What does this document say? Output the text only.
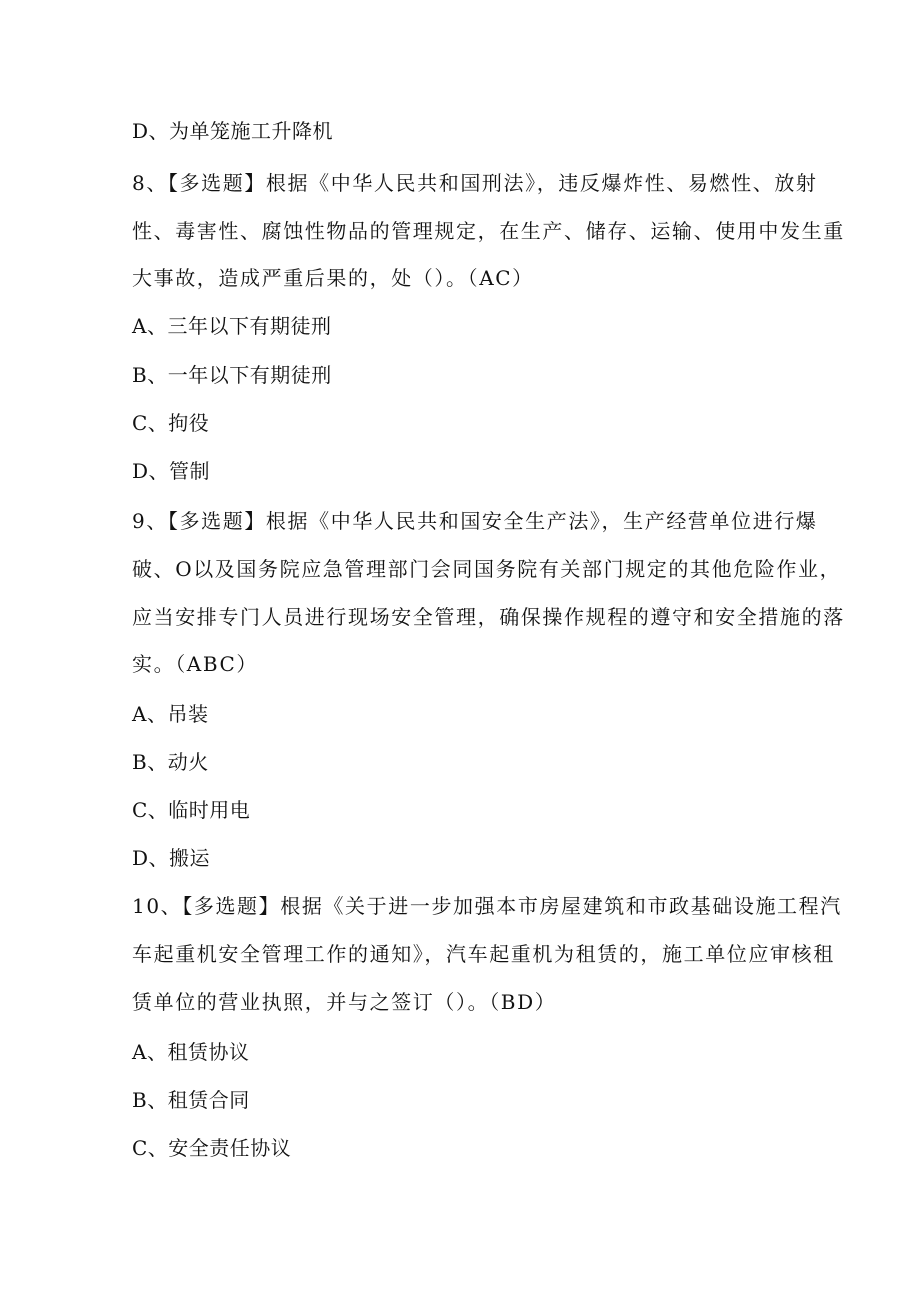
D、为单笼施工升降机
8、【多选题】根据《中华人民共和国刑法》，违反爆炸性、易燃性、放射
性、毒害性、腐蚀性物品的管理规定，在生产、储存、运输、使用中发生重
大事故，造成严重后果的，处（）。（AC）
A、三年以下有期徒刑
B、一年以下有期徒刑
C、拘役
D、管制
9、【多选题】根据《中华人民共和国安全生产法》，生产经营单位进行爆
破、O以及国务院应急管理部门会同国务院有关部门规定的其他危险作业，
应当安排专门人员进行现场安全管理，确保操作规程的遵守和安全措施的落
实。（ABC）
A、吊装
B、动火
C、临时用电
D、搬运
10、【多选题】根据《关于进一步加强本市房屋建筑和市政基础设施工程汽
车起重机安全管理工作的通知》，汽车起重机为租赁的，施工单位应审核租
赁单位的营业执照，并与之签订（）。（BD）
A、租赁协议
B、租赁合同
C、安全责任协议
